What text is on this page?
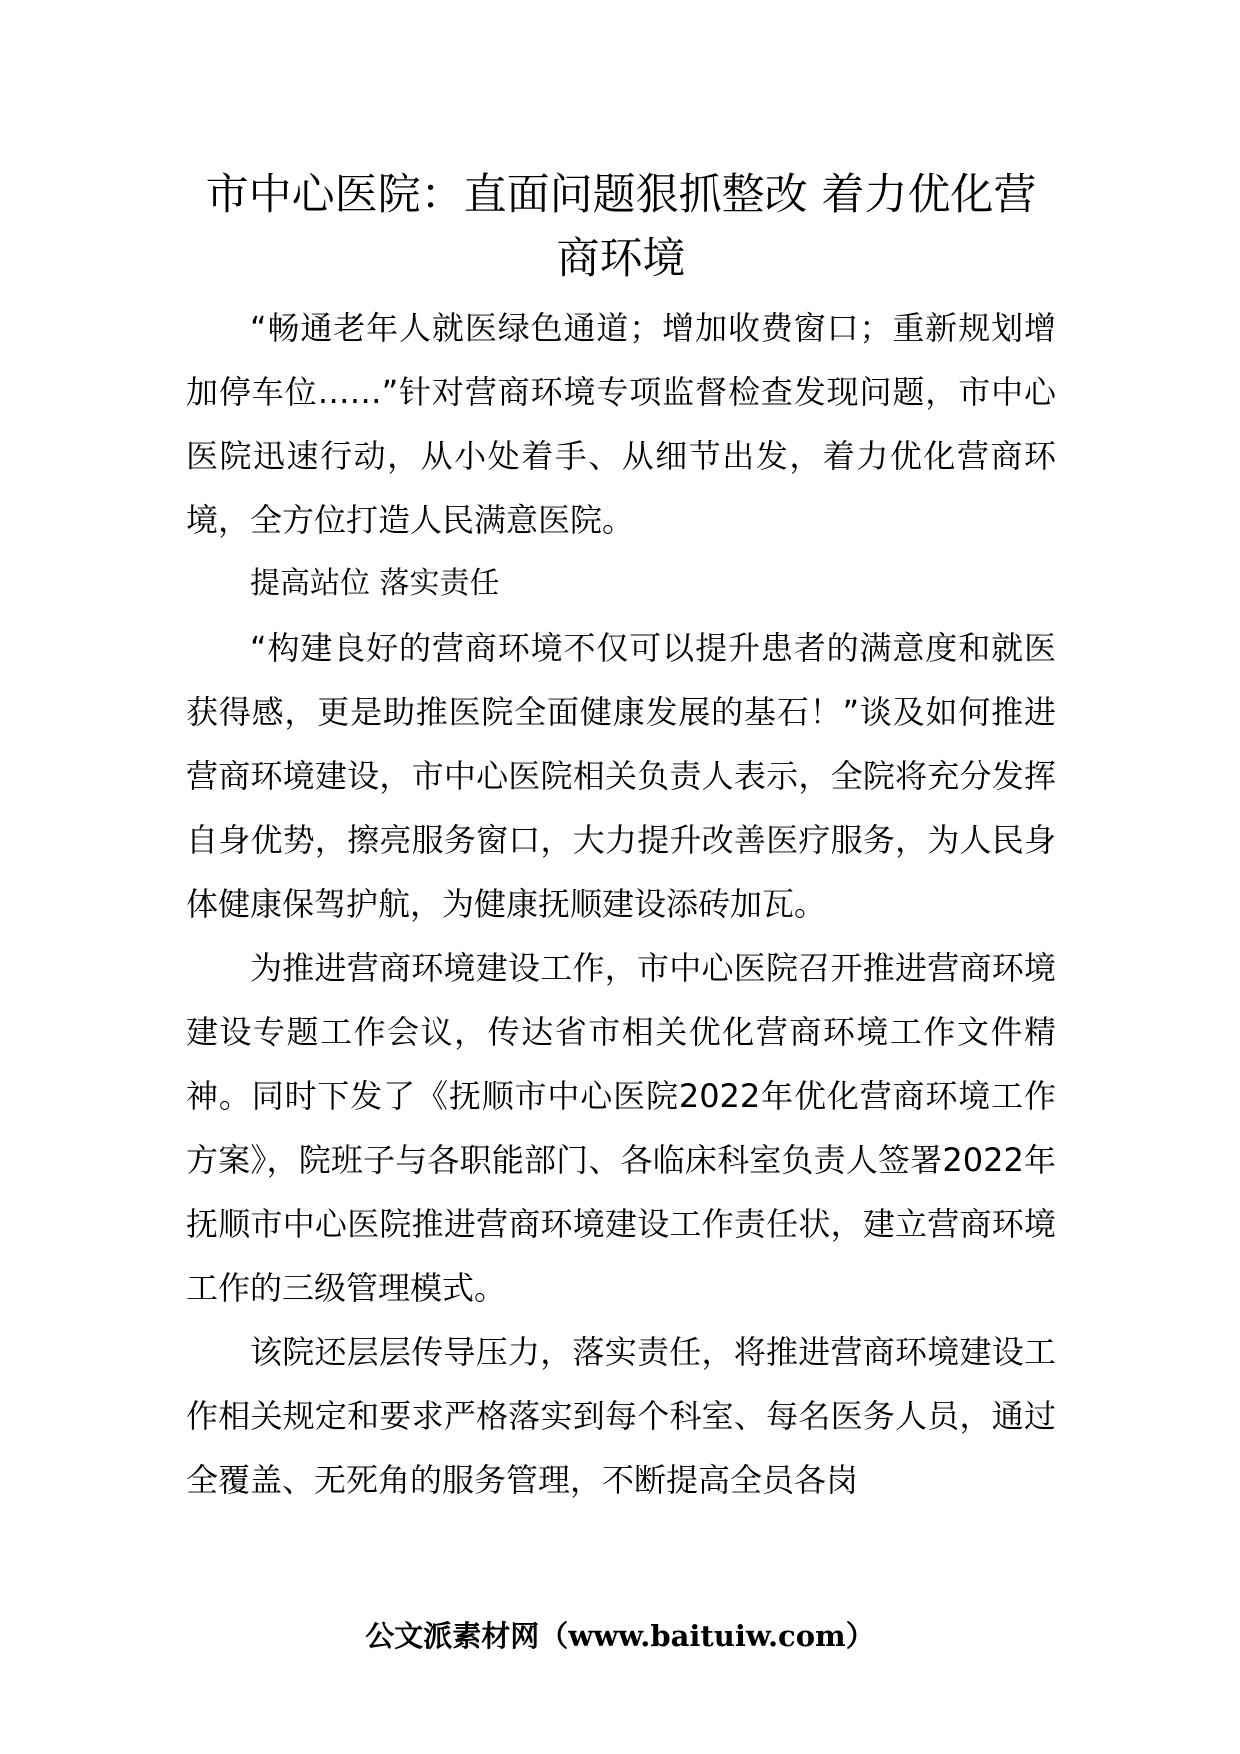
市中心医院：直面问题狠抓整改 着力优化营商环境

“畅通老年人就医绿色通道；增加收费窗口；重新规划增加停车位……”针对营商环境专项监督检查发现问题，市中心医院迅速行动，从小处着手、从细节出发，着力优化营商环境，全方位打造人民满意医院。

提高站位 落实责任

“构建良好的营商环境不仅可以提升患者的满意度和就医获得感，更是助推医院全面健康发展的基石！”谈及如何推进营商环境建设，市中心医院相关负责人表示，全院将充分发挥自身优势，擦亮服务窗口，大力提升改善医疗服务，为人民身体健康保驾护航，为健康抚顺建设添砖加瓦。

为推进营商环境建设工作，市中心医院召开推进营商环境建设专题工作会议，传达省市相关优化营商环境工作文件精神。同时下发了《抚顺市中心医院2022年优化营商环境工作方案》，院班子与各职能部门、各临床科室负责人签署2022年抚顺市中心医院推进营商环境建设工作责任状，建立营商环境工作的三级管理模式。

该院还层层传导压力，落实责任，将推进营商环境建设工作相关规定和要求严格落实到每个科室、每名医务人员，通过全覆盖、无死角的服务管理，不断提高全员各岗

公文派素材网（www.baituiw.com）
